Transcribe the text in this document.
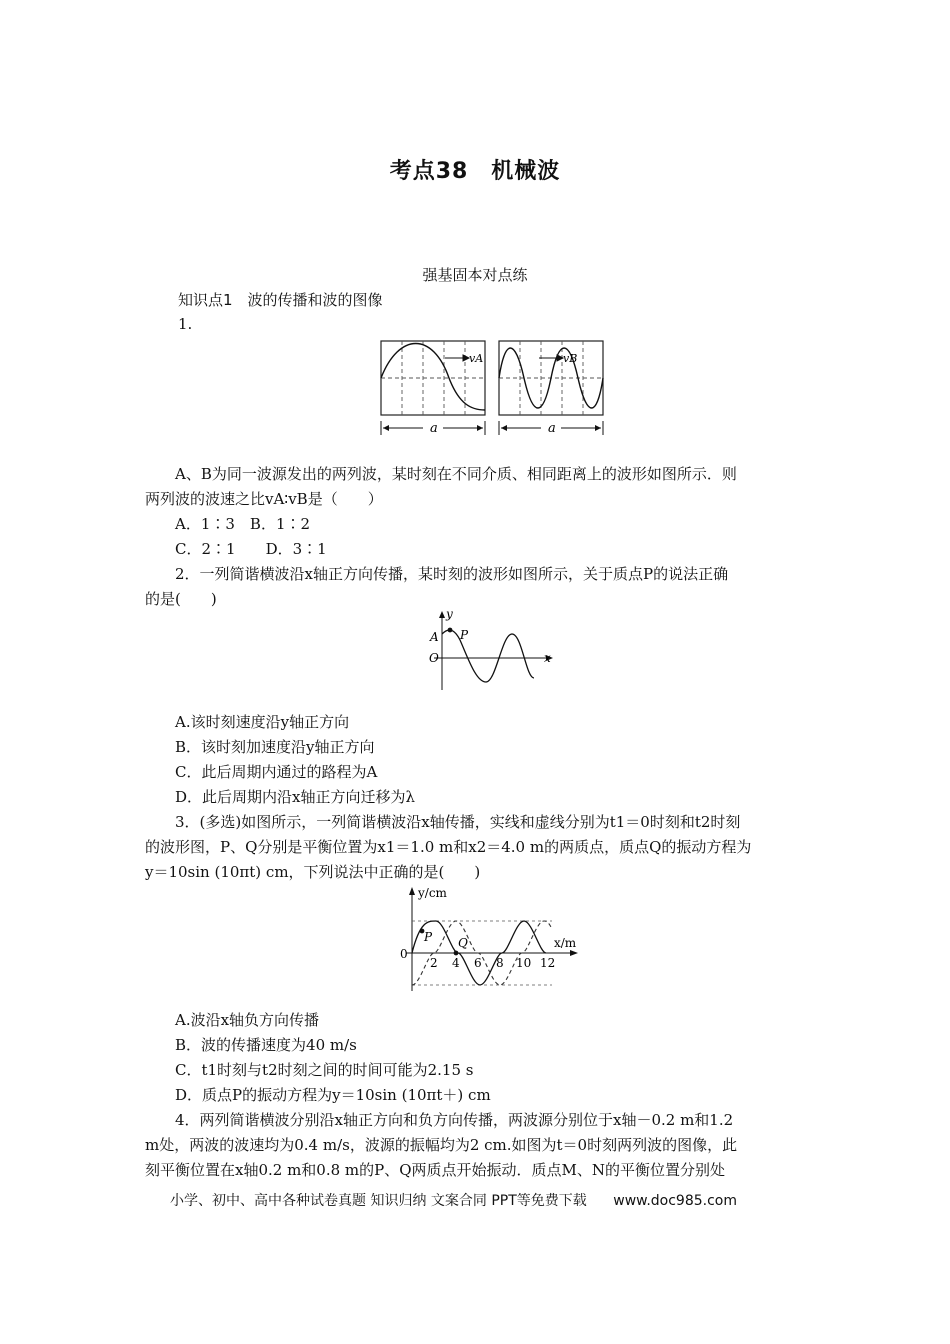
考点38　机械波
强基固本对点练
知识点1　波的传播和波的图像
1.
vA	vB
a	a
A、B为同一波源发出的两列波，某时刻在不同介质、相同距离上的波形如图所示．则
两列波的波速之比vA∶vB是（　　）
A．1∶3　B．1∶2
C．2∶1　　D．3∶1
2．一列简谐横波沿x轴正方向传播，某时刻的波形如图所示，关于质点P的说法正确
的是(　　)
y
A P
O	x
A.该时刻速度沿y轴正方向
B．该时刻加速度沿y轴正方向
C．此后周期内通过的路程为A
D．此后周期内沿x轴正方向迁移为λ
3．(多选)如图所示，一列简谐横波沿x轴传播，实线和虚线分别为t1＝0时刻和t2时刻
的波形图，P、Q分别是平衡位置为x1＝1.0 m和x2＝4.0 m的两质点，质点Q的振动方程为
y＝10sin (10πt) cm，下列说法中正确的是(　　)
y/cm
x/m
0
P Q
2 4 6 8 10 12
A.波沿x轴负方向传播
B．波的传播速度为40 m/s
C．t1时刻与t2时刻之间的时间可能为2.15 s
D．质点P的振动方程为y＝10sin (10πt＋) cm
4．两列简谐横波分别沿x轴正方向和负方向传播，两波源分别位于x轴－0.2 m和1.2
m处，两波的波速均为0.4 m/s，波源的振幅均为2 cm.如图为t＝0时刻两列波的图像，此
刻平衡位置在x轴0.2 m和0.8 m的P、Q两质点开始振动．质点M、N的平衡位置分别处
小学、初中、高中各种试卷真题 知识归纳 文案合同 PPT等免费下载 www.doc985.com
